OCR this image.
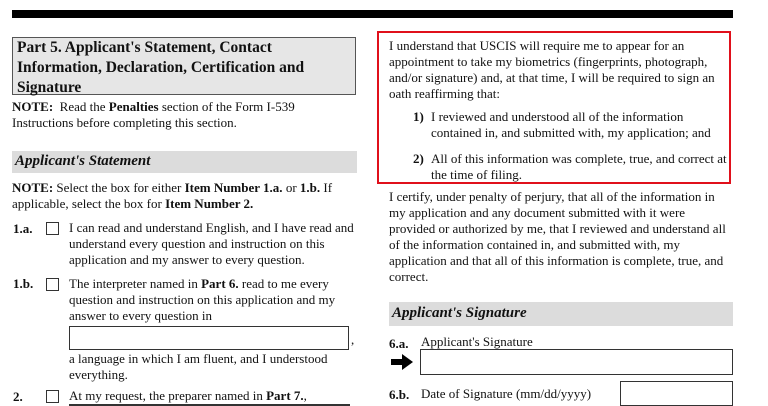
Part 5. Applicant's Statement, Contact Information, Declaration, Certification and Signature
NOTE: Read the Penalties section of the Form I-539 Instructions before completing this section.
Applicant's Statement
NOTE: Select the box for either Item Number 1.a. or 1.b. If applicable, select the box for Item Number 2.
1.a.	I can read and understand English, and I have read and understand every question and instruction on this application and my answer to every question.
1.b.	The interpreter named in Part 6. read to me every question and instruction on this application and my answer to every question in
,
a language in which I am fluent, and I understood everything.
2.	At my request, the preparer named in Part 7.,
I understand that USCIS will require me to appear for an appointment to take my biometrics (fingerprints, photograph, and/or signature) and, at that time, I will be required to sign an oath reaffirming that:
1) I reviewed and understood all of the information contained in, and submitted with, my application; and
2) All of this information was complete, true, and correct at the time of filing.
I certify, under penalty of perjury, that all of the information in my application and any document submitted with it were provided or authorized by me, that I reviewed and understand all of the information contained in, and submitted with, my application and that all of this information is complete, true, and correct.
Applicant's Signature
6.a. Applicant's Signature
6.b. Date of Signature (mm/dd/yyyy)
